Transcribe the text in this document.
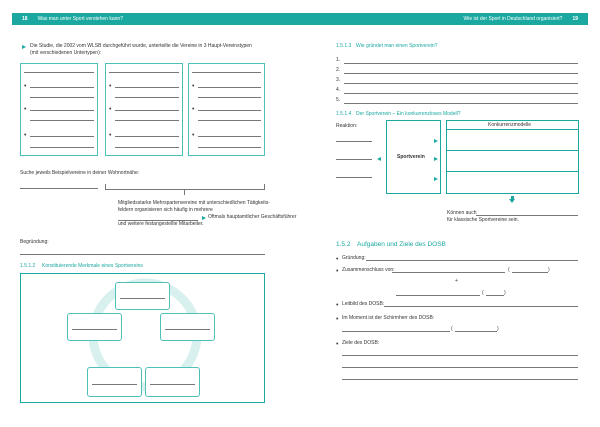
18	Was man unter Sport verstehen kann?	Wie ist der Sport in Deutschland organisiert?	19
Die Studie, die 2002 vom WLSB durchgeführt wurde, unterteilte die Vereine in 3 Haupt-Vereinstypen
(mit verschiedenen Untertypen):
•
•
•
•
•
•
•
•
•
Suche jeweils Beispielvereine in deiner Wohnortnähe:
Mitgliedsstarke Mehrspartenvereine mit unterschiedlichen Tätigkeits-
feldern organisieren sich häufig in mehrere
Oftmals hauptamtlicher Geschäftsführer
und weitere festangestellte Mitarbeiter.
Begründung:
1.5.1.2 Konstituierende Merkmale eines Sportvereins
1.5.1.3 Wie gründet man einen Sportverein?
1.
2.
3.
4.
5.
1.5.1.4 Der Sportverein – Ein konkurrenzloses Modell?
Reaktion:
Sportverein
Konkurrenzmodelle
Können auch
für klassische Sportvereine sein.
1.5.2 Aufgaben und Ziele des DOSB
• Gründung:
• Zusammenschluss von:	(	)
+
(	)
• Leitbild des DOSB:
• Im Moment ist der Schirmherr des DOSB:
(	)
• Ziele des DOSB:
